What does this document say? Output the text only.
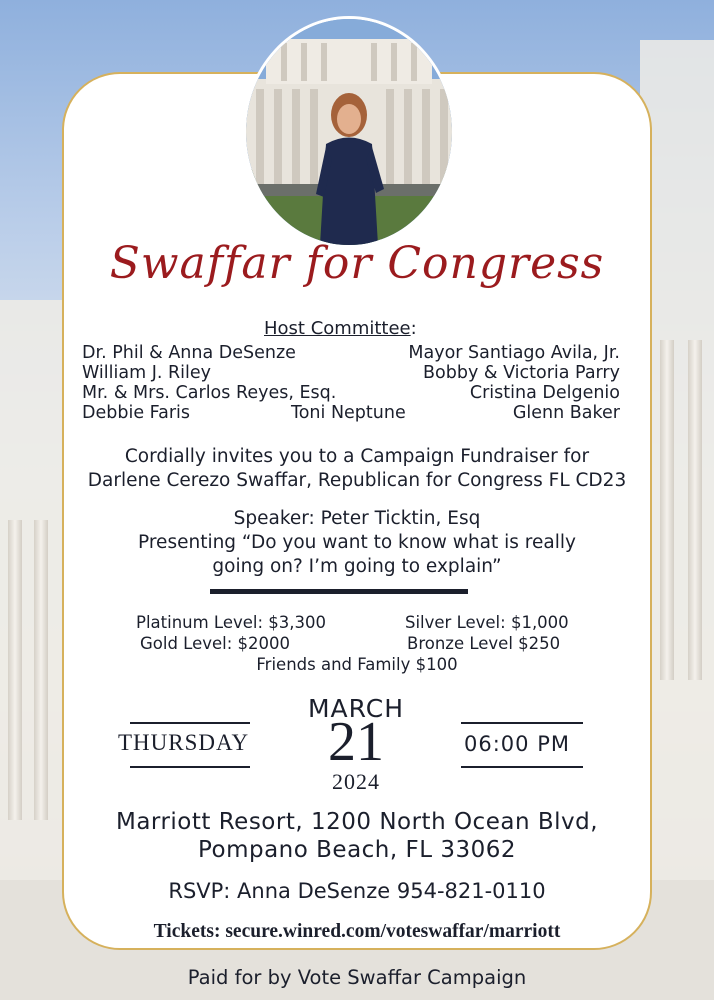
Swaffar for Congress
Host Committee:
Dr. Phil & Anna DeSenze	Mayor Santiago Avila, Jr.
William J. Riley	Bobby & Victoria Parry
Mr. & Mrs. Carlos Reyes, Esq.	Cristina Delgenio
Debbie Faris	Toni Neptune	Glenn Baker
Cordially invites you to a Campaign Fundraiser for
Darlene Cerezo Swaffar, Republican for Congress FL CD23
Speaker: Peter Ticktin, Esq
Presenting “Do you want to know what is really
going on? I’m going to explain”
Platinum Level: $3,300	Silver Level: $1,000
Gold Level: $2000	Bronze Level $250
Friends and Family $100
THURSDAY
MARCH
21
2024
06:00 PM
Marriott Resort, 1200 North Ocean Blvd,
Pompano Beach, FL 33062
RSVP: Anna DeSenze 954-821-0110
Tickets: secure.winred.com/voteswaffar/marriott
Paid for by Vote Swaffar Campaign
